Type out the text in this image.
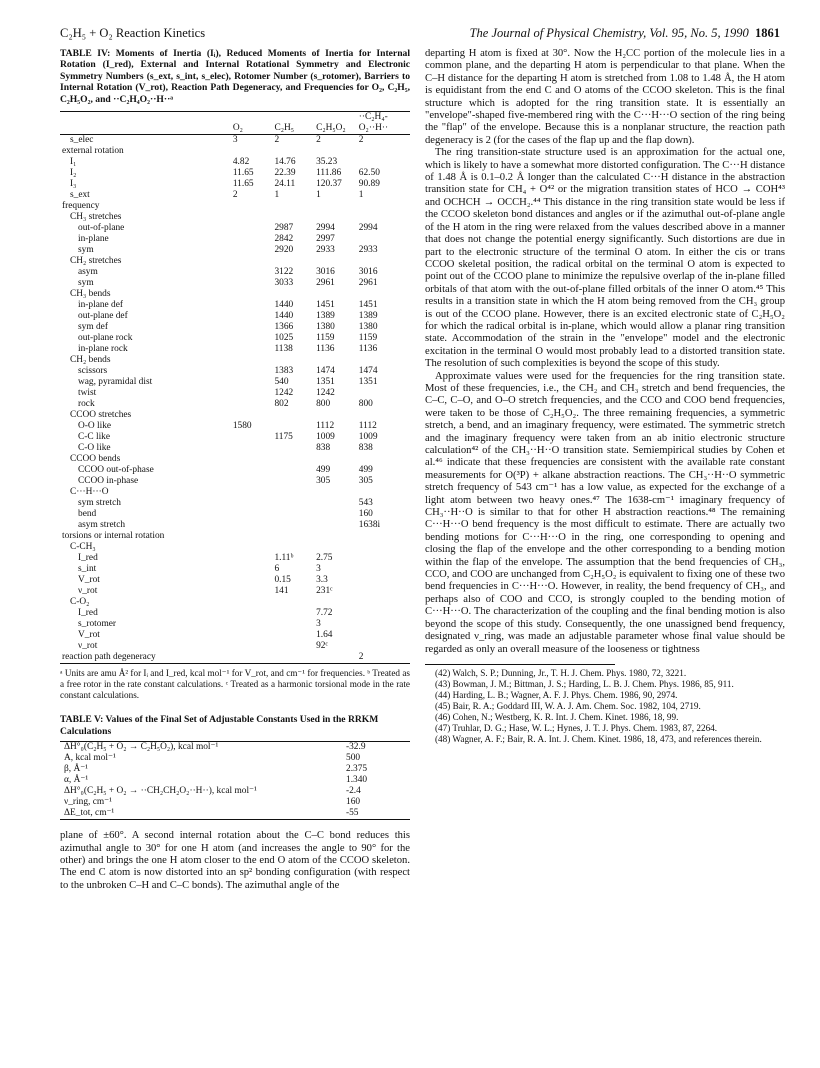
C₂H₅ + O₂ Reaction Kinetics	The Journal of Physical Chemistry, Vol. 95, No. 5, 1990 1861
TABLE IV: Moments of Inertia (Iᵢ), Reduced Moments of Inertia for Internal Rotation (I_red), External and Internal Rotational Symmetry and Electronic Symmetry Numbers (s_ext, s_int, s_elec), Rotomer Number (s_rotomer), Barriers to Internal Rotation (V_rot), Reaction Path Degeneracy, and Frequencies for O₂, C₂H₅, C₂H₅O₂, and ··C₂H₄O₂··H··ᵃ
	O₂	C₂H₅	C₂H₅O₂	··C₂H₄-O₂··H··
s_elec	3	2	2	2
external rotation				
I₁	4.82	14.76	35.23	
I₂	11.65	22.39	111.86	62.50
I₃	11.65	24.11	120.37	90.89
s_ext	2	1	1	1
frequency				
CH₃ stretches				
out-of-plane		2987	2994	2994
in-plane		2842	2997	
sym		2920	2933	2933
CH₂ stretches				
asym		3122	3016	3016
sym		3033	2961	2961
CH₃ bends				
in-plane def		1440	1451	1451
out-plane def		1440	1389	1389
sym def		1366	1380	1380
out-plane rock		1025	1159	1159
in-plane rock		1138	1136	1136
CH₂ bends				
scissors		1383	1474	1474
wag, pyramidal dist		540	1351	1351
twist		1242	1242	
rock		802	800	800
CCOO stretches				
O-O like	1580		1112	1112
C-C like		1175	1009	1009
C-O like			838	838
CCOO bends				
CCOO out-of-phase			499	499
CCOO in-phase			305	305
C···H···O				
sym stretch				543
bend				160
asym stretch				1638i
torsions or internal rotation				
C-CH₃				
I_red		1.11ᵇ	2.75	
s_int		6	3	
V_rot		0.15	3.3	
ν_rot		141	231ᶜ	
C-O₂				
I_red			7.72	
s_rotomer			3	
V_rot			1.64	
ν_rot			92ᶜ	
reaction path degeneracy				2
ᵃ Units are amu Å² for Iᵢ and I_red, kcal mol⁻¹ for V_rot, and cm⁻¹ for frequencies. ᵇ Treated as a free rotor in the rate constant calculations. ᶜ Treated as a harmonic torsional mode in the rate constant calculations.
TABLE V: Values of the Final Set of Adjustable Constants Used in the RRKM Calculations
ΔH°₀(C₂H₅ + O₂ → C₂H₅O₂), kcal mol⁻¹	-32.9
A, kcal mol⁻¹	500
β, Å⁻¹	2.375
α, Å⁻¹	1.340
ΔH°₀(C₂H₅ + O₂ → ··CH₂CH₂O₂··H··), kcal mol⁻¹	-2.4
ν_ring, cm⁻¹	160
ΔE_tot, cm⁻¹	-55
plane of ±60°. A second internal rotation about the C–C bond reduces this azimuthal angle to 30° for one H atom (and increases the angle to 90° for the other) and brings the one H atom closer to the end O atom of the CCOO skeleton. The end C atom is now distorted into an sp² bonding configuration (with respect to the unbroken C–H and C–C bonds). The azimuthal angle of the
departing H atom is fixed at 30°. Now the H₂CC portion of the molecule lies in a common plane, and the departing H atom is perpendicular to that plane. When the C–H distance for the departing H atom is stretched from 1.08 to 1.48 Å, the H atom is equidistant from the end C and O atoms of the CCOO skeleton. This is the final structure which is adopted for the ring transition state. It is essentially an "envelope"-shaped five-membered ring with the C···H···O section of the ring being the "flap" of the envelope. Because this is a nonplanar structure, the reaction path degeneracy is 2 (for the cases of the flap up and the flap down).
The ring transition-state structure used is an approximation for the actual one, which is likely to have a somewhat more distorted configuration. The C···H distance of 1.48 Å is 0.1–0.2 Å longer than the calculated C···H distance in the abstraction transition state for CH₄ + O⁴² or the migration transition states of HCO → COH⁴³ and OCHCH → OCCH₂.⁴⁴ This distance in the ring transition state would be less if the CCOO skeleton bond distances and angles or if the azimuthal out-of-plane angle of the H atom in the ring were relaxed from the values described above in a manner that does not change the potential energy significantly. Such distortions are due in part to the electronic structure of the terminal O atom. In either the cis or trans CCOO skeletal position, the radical orbital on the terminal O atom is expected to point out of the CCOO plane to minimize the repulsive overlap of the in-plane filled orbitals of that atom with the out-of-plane filled orbitals of the inner O atom.⁴⁵ This results in a transition state in which the H atom being removed from the CH₃ group is out of the CCOO plane. However, there is an excited electronic state of C₂H₅O₂ for which the radical orbital is in-plane, which would allow a planar ring transition state. Accommodation of the strain in the "envelope" model and the electronic excitation in the terminal O would most probably lead to a distorted transition state. The resolution of such complexities is beyond the scope of this study.
Approximate values were used for the frequencies for the ring transition state. Most of these frequencies, i.e., the CH₂ and CH₃ stretch and bend frequencies, the C–C, C–O, and O–O stretch frequencies, and the CCO and COO bend frequencies, were taken to be those of C₂H₅O₂. The three remaining frequencies, a symmetric stretch, a bend, and an imaginary frequency, were estimated. The symmetric stretch and the imaginary frequency were taken from an ab initio electronic structure calculation⁴² of the CH₃··H··O transition state. Semiempirical studies by Cohen et al.⁴⁶ indicate that these frequencies are consistent with the available rate constant measurements for O(³P) + alkane abstraction reactions. The CH₃··H··O symmetric stretch frequency of 543 cm⁻¹ has a low value, as expected for the exchange of a light atom between two heavy ones.⁴⁷ The 1638-cm⁻¹ imaginary frequency of CH₃··H··O is similar to that for other H abstraction reactions.⁴⁸ The remaining C···H···O bend frequency is the most difficult to estimate. There are actually two bending motions for C···H···O in the ring, one corresponding to opening and closing the flap of the envelope and the other corresponding to a bending motion within the flap of the envelope. The assumption that the bend frequencies of CH₃, CCO, and COO are unchanged from C₂H₅O₂ is equivalent to fixing one of these two bend frequencies in C···H···O. However, in reality, the bend frequency of CH₃, and perhaps also of COO and CCO, is strongly coupled to the bending motion of C···H···O. The characterization of the coupling and the final bending motion is also beyond the scope of this study. Consequently, the one unassigned bend frequency, designated ν_ring, was made an adjustable parameter whose final value should be regarded as only an overall measure of the looseness or tightness
(42) Walch, S. P.; Dunning, Jr., T. H. J. Chem. Phys. 1980, 72, 3221.
(43) Bowman, J. M.; Bittman, J. S.; Harding, L. B. J. Chem. Phys. 1986, 85, 911.
(44) Harding, L. B.; Wagner, A. F. J. Phys. Chem. 1986, 90, 2974.
(45) Bair, R. A.; Goddard III, W. A. J. Am. Chem. Soc. 1982, 104, 2719.
(46) Cohen, N.; Westberg, K. R. Int. J. Chem. Kinet. 1986, 18, 99.
(47) Truhlar, D. G.; Hase, W. L.; Hynes, J. T. J. Phys. Chem. 1983, 87, 2264.
(48) Wagner, A. F.; Bair, R. A. Int. J. Chem. Kinet. 1986, 18, 473, and references therein.
